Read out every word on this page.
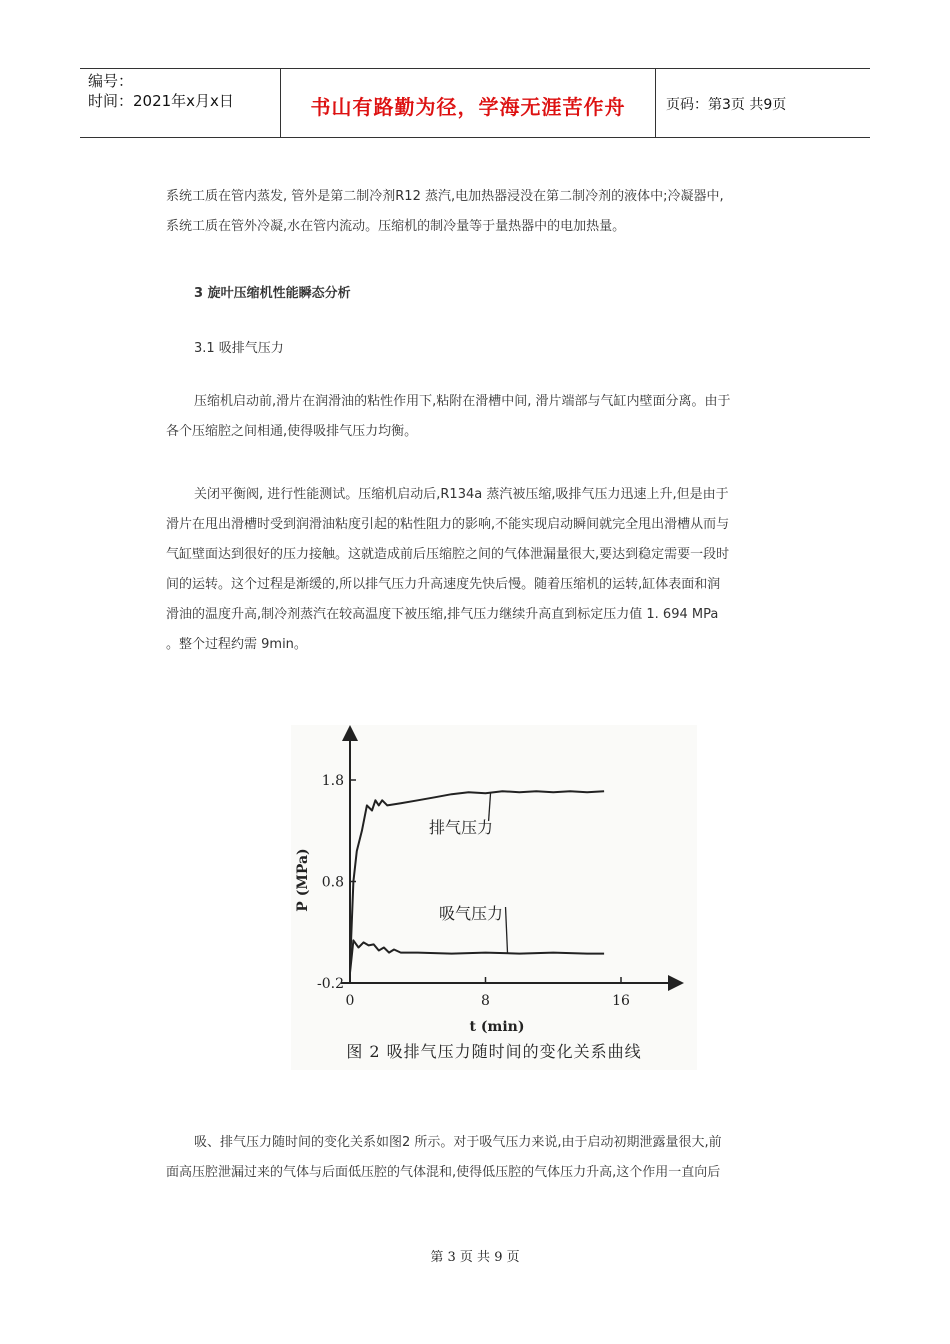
编号：
时间：2021年x月x日	书山有路勤为径，学海无涯苦作舟	页码：第3页 共9页

系统工质在管内蒸发, 管外是第二制冷剂R12 蒸汽,电加热器浸没在第二制冷剂的液体中;冷凝器中,

系统工质在管外冷凝,水在管内流动。压缩机的制冷量等于量热器中的电加热量。

3 旋叶压缩机性能瞬态分析
3.1 吸排气压力

压缩机启动前,滑片在润滑油的粘性作用下,粘附在滑槽中间, 滑片端部与气缸内壁面分离。由于

各个压缩腔之间相通,使得吸排气压力均衡。

关闭平衡阀, 进行性能测试。压缩机启动后,R134a 蒸汽被压缩,吸排气压力迅速上升,但是由于

滑片在甩出滑槽时受到润滑油粘度引起的粘性阻力的影响,不能实现启动瞬间就完全甩出滑槽从而与

气缸壁面达到很好的压力接触。这就造成前后压缩腔之间的气体泄漏量很大,要达到稳定需要一段时

间的运转。这个过程是渐缓的,所以排气压力升高速度先快后慢。随着压缩机的运转,缸体表面和润

滑油的温度升高,制冷剂蒸汽在较高温度下被压缩,排气压力继续升高直到标定压力值 1. 694 MPa

。整个过程约需 9min。

1.8
0.8
-0.2
0	8	16
排气压力
吸气压力
P (MPa)
t (min)
图 2 吸排气压力随时间的变化关系曲线

吸、排气压力随时间的变化关系如图2 所示。对于吸气压力来说,由于启动初期泄露量很大,前

面高压腔泄漏过来的气体与后面低压腔的气体混和,使得低压腔的气体压力升高,这个作用一直向后

第 3 页 共 9 页
